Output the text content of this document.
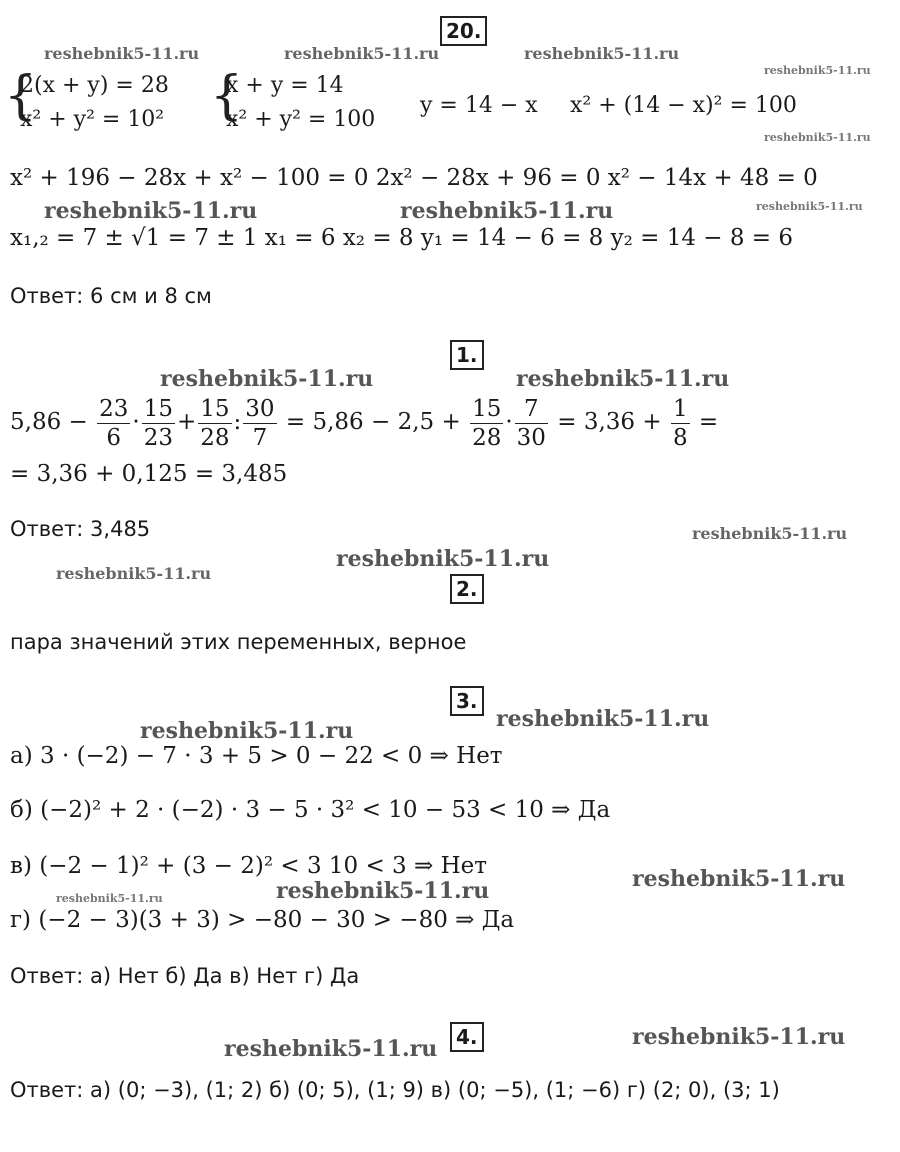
20.
reshebnik5-11.ru	reshebnik5-11.ru	reshebnik5-11.ru
reshebnik5-11.ru
reshebnik5-11.ru
{
2(x + y) = 28
x² + y² = 10² {
x + y = 14
x² + y² = 100
y = 14 − x x² + (14 − x)² = 100
x² + 196 − 28x + x² − 100 = 0 2x² − 28x + 96 = 0 x² − 14x + 48 = 0
reshebnik5-11.ru	reshebnik5-11.ru	reshebnik5-11.ru
x₁,₂ = 7 ± √1 = 7 ± 1 x₁ = 6 x₂ = 8 y₁ = 14 − 6 = 8 y₂ = 14 − 8 = 6
Ответ: 6 см и 8 см
1.
reshebnik5-11.ru	reshebnik5-11.ru
$5,86 - \frac{23}{6} \cdot \frac{15}{23} + \frac{15}{28}$ : $\frac{30}{7} = 5,86 - 2,5 + \frac{15}{28} \cdot \frac{7}{30} = 3,36 + \frac{1}{8}$ =
= 3,36 + 0,125 = 3,485
Ответ: 3,485	reshebnik5-11.ru
reshebnik5-11.ru
reshebnik5-11.ru
2.
пара значений этих переменных, верное
3.
reshebnik5-11.ru
reshebnik5-11.ru
а) 3 · (−2) − 7 · 3 + 5 > 0 − 22 < 0 ⇒ Нет
б) (−2)² + 2 · (−2) · 3 − 5 · 3² < 10 − 53 < 10 ⇒ Да
в) (−2 − 1)² + (3 − 2)² < 3 10 < 3 ⇒ Нет	reshebnik5-11.ru
reshebnik5-11.ru
reshebnik5-11.ru
г) (−2 − 3)(3 + 3) > −80 − 30 > −80 ⇒ Да
Ответ: а) Нет б) Да в) Нет г) Да
4.	reshebnik5-11.ru
reshebnik5-11.ru
Ответ: а) (0; −3), (1; 2) б) (0; 5), (1; 9) в) (0; −5), (1; −6) г) (2; 0), (3; 1)
